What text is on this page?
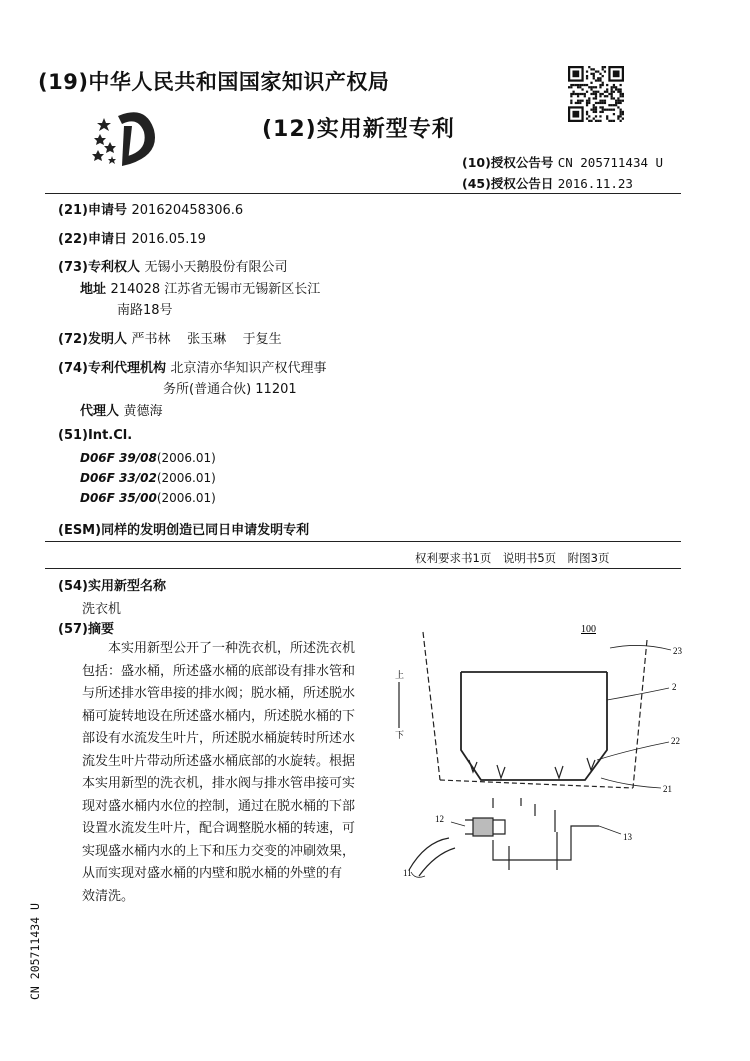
(19)中华人民共和国国家知识产权局
(12)实用新型专利
(10)授权公告号 CN 205711434 U
(45)授权公告日 2016.11.23
(21)申请号 201620458306.6
(22)申请日 2016.05.19
(73)专利权人 无锡小天鹅股份有限公司
地址 214028 江苏省无锡市无锡新区长江
南路18号
(72)发明人 严书林 张玉琳 于复生
(74)专利代理机构 北京清亦华知识产权代理事
务所(普通合伙) 11201
代理人 黄德海
(51)Int.Cl.
D06F 39/08(2006.01)
D06F 33/02(2006.01)
D06F 35/00(2006.01)
(ESM)同样的发明创造已同日申请发明专利
权利要求书1页　说明书5页　附图3页
(54)实用新型名称
洗衣机
(57)摘要
　　本实用新型公开了一种洗衣机，所述洗衣机
包括：盛水桶，所述盛水桶的底部设有排水管和
与所述排水管串接的排水阀；脱水桶，所述脱水
桶可旋转地设在所述盛水桶内，所述脱水桶的下
部设有水流发生叶片，所述脱水桶旋转时所述水
流发生叶片带动所述盛水桶底部的水旋转。根据
本实用新型的洗衣机，排水阀与排水管串接可实
现对盛水桶内水位的控制，通过在脱水桶的下部
设置水流发生叶片，配合调整脱水桶的转速，可
实现盛水桶内水的上下和压力交变的冲刷效果，
从而实现对盛水桶的内壁和脱水桶的外壁的有
效清洗。
100
上
下
23
2
22
21
12
13
11
CN 205711434 U
